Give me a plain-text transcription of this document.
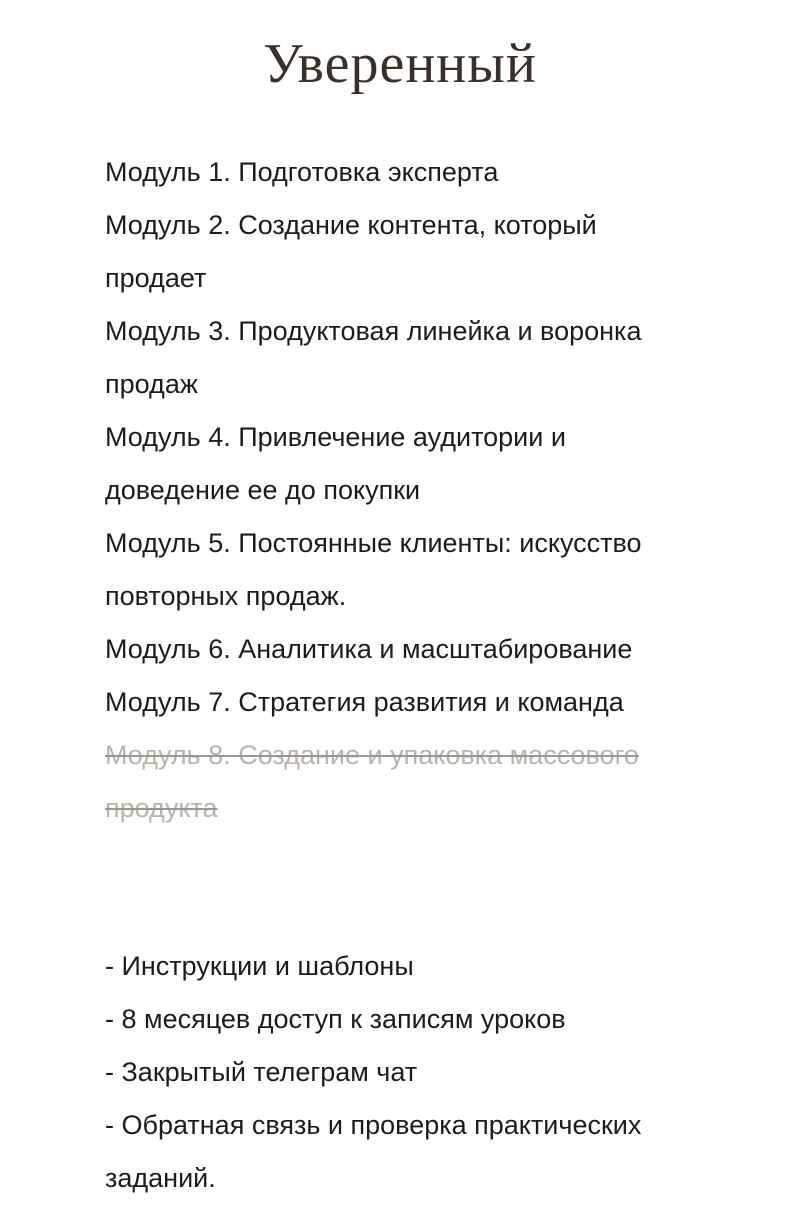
Уверенный
Модуль 1. Подготовка эксперта
Модуль 2. Создание контента, который продает
Модуль 3. Продуктовая линейка и воронка продаж
Модуль 4. Привлечение аудитории и доведение ее до покупки
Модуль 5. Постоянные клиенты: искусство повторных продаж.
Модуль 6. Аналитика и масштабирование
Модуль 7. Стратегия развития и команда
Модуль 8. Создание и упаковка массового продукта
- Инструкции и шаблоны
- 8 месяцев доступ к записям уроков
- Закрытый телеграм чат
- Обратная связь и проверка практических заданий.
